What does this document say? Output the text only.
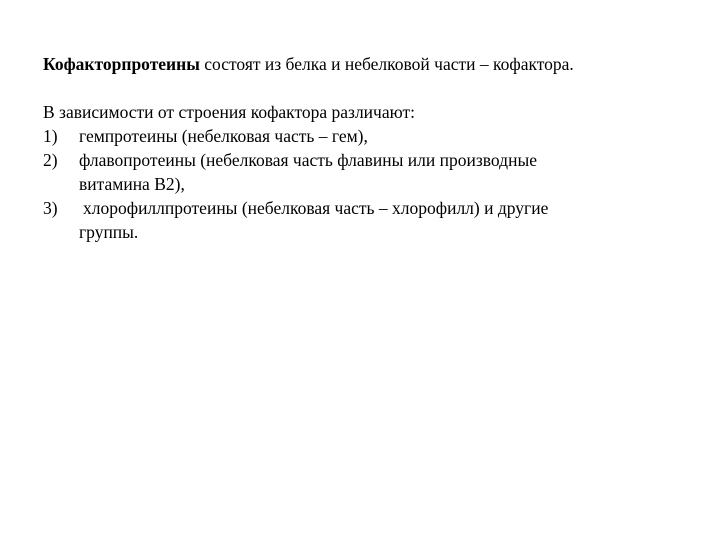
Кофакторпротеины состоят из белка и небелковой части – кофактора.

В зависимости от строения кофактора различают:

1)	гемпротеины (небелковая часть – гем),
2)	флавопротеины (небелковая часть флавины или производные
витамина В2),
3)	хлорофиллпротеины (небелковая часть – хлорофилл) и другие
группы.
